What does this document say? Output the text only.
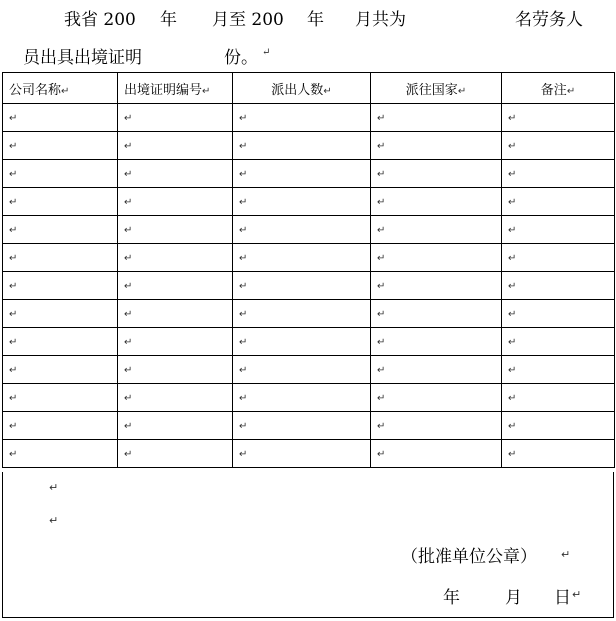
我省 200 年 月至 200 年 月共为	名劳务人
员出具出境证明	份。 ↵
公司名称↵	出境证明编号↵	派出人数↵	派往国家↵	备注↵
↵	↵	↵	↵	↵
↵	↵	↵	↵	↵
↵	↵	↵	↵	↵
↵	↵	↵	↵	↵
↵	↵	↵	↵	↵
↵	↵	↵	↵	↵
↵	↵	↵	↵	↵
↵	↵	↵	↵	↵
↵	↵	↵	↵	↵
↵	↵	↵	↵	↵
↵	↵	↵	↵	↵
↵	↵	↵	↵	↵
↵	↵	↵	↵	↵
↵
↵
（批准单位公章） ↵
年	月 日 ↵
